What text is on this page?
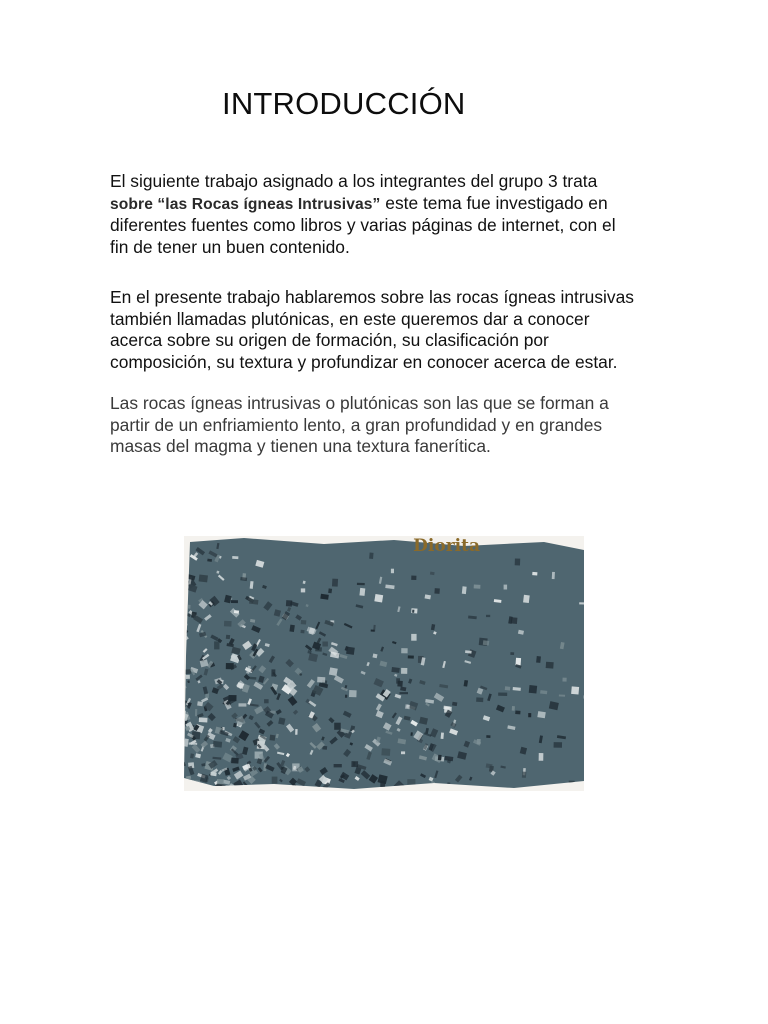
INTRODUCCIÓN

El siguiente trabajo asignado a los integrantes del grupo 3 trata
sobre “las Rocas ígneas Intrusivas” este tema fue investigado en
diferentes fuentes como libros y varias páginas de internet, con el
fin de tener un buen contenido.

En el presente trabajo hablaremos sobre las rocas ígneas intrusivas
también llamadas plutónicas, en este queremos dar a conocer
acerca sobre su origen de formación, su clasificación por
composición, su textura y profundizar en conocer acerca de estar.

Las rocas ígneas intrusivas o plutónicas son las que se forman a
partir de un enfriamiento lento, a gran profundidad y en grandes
masas del magma y tienen una textura fanerítica.

Diorita
